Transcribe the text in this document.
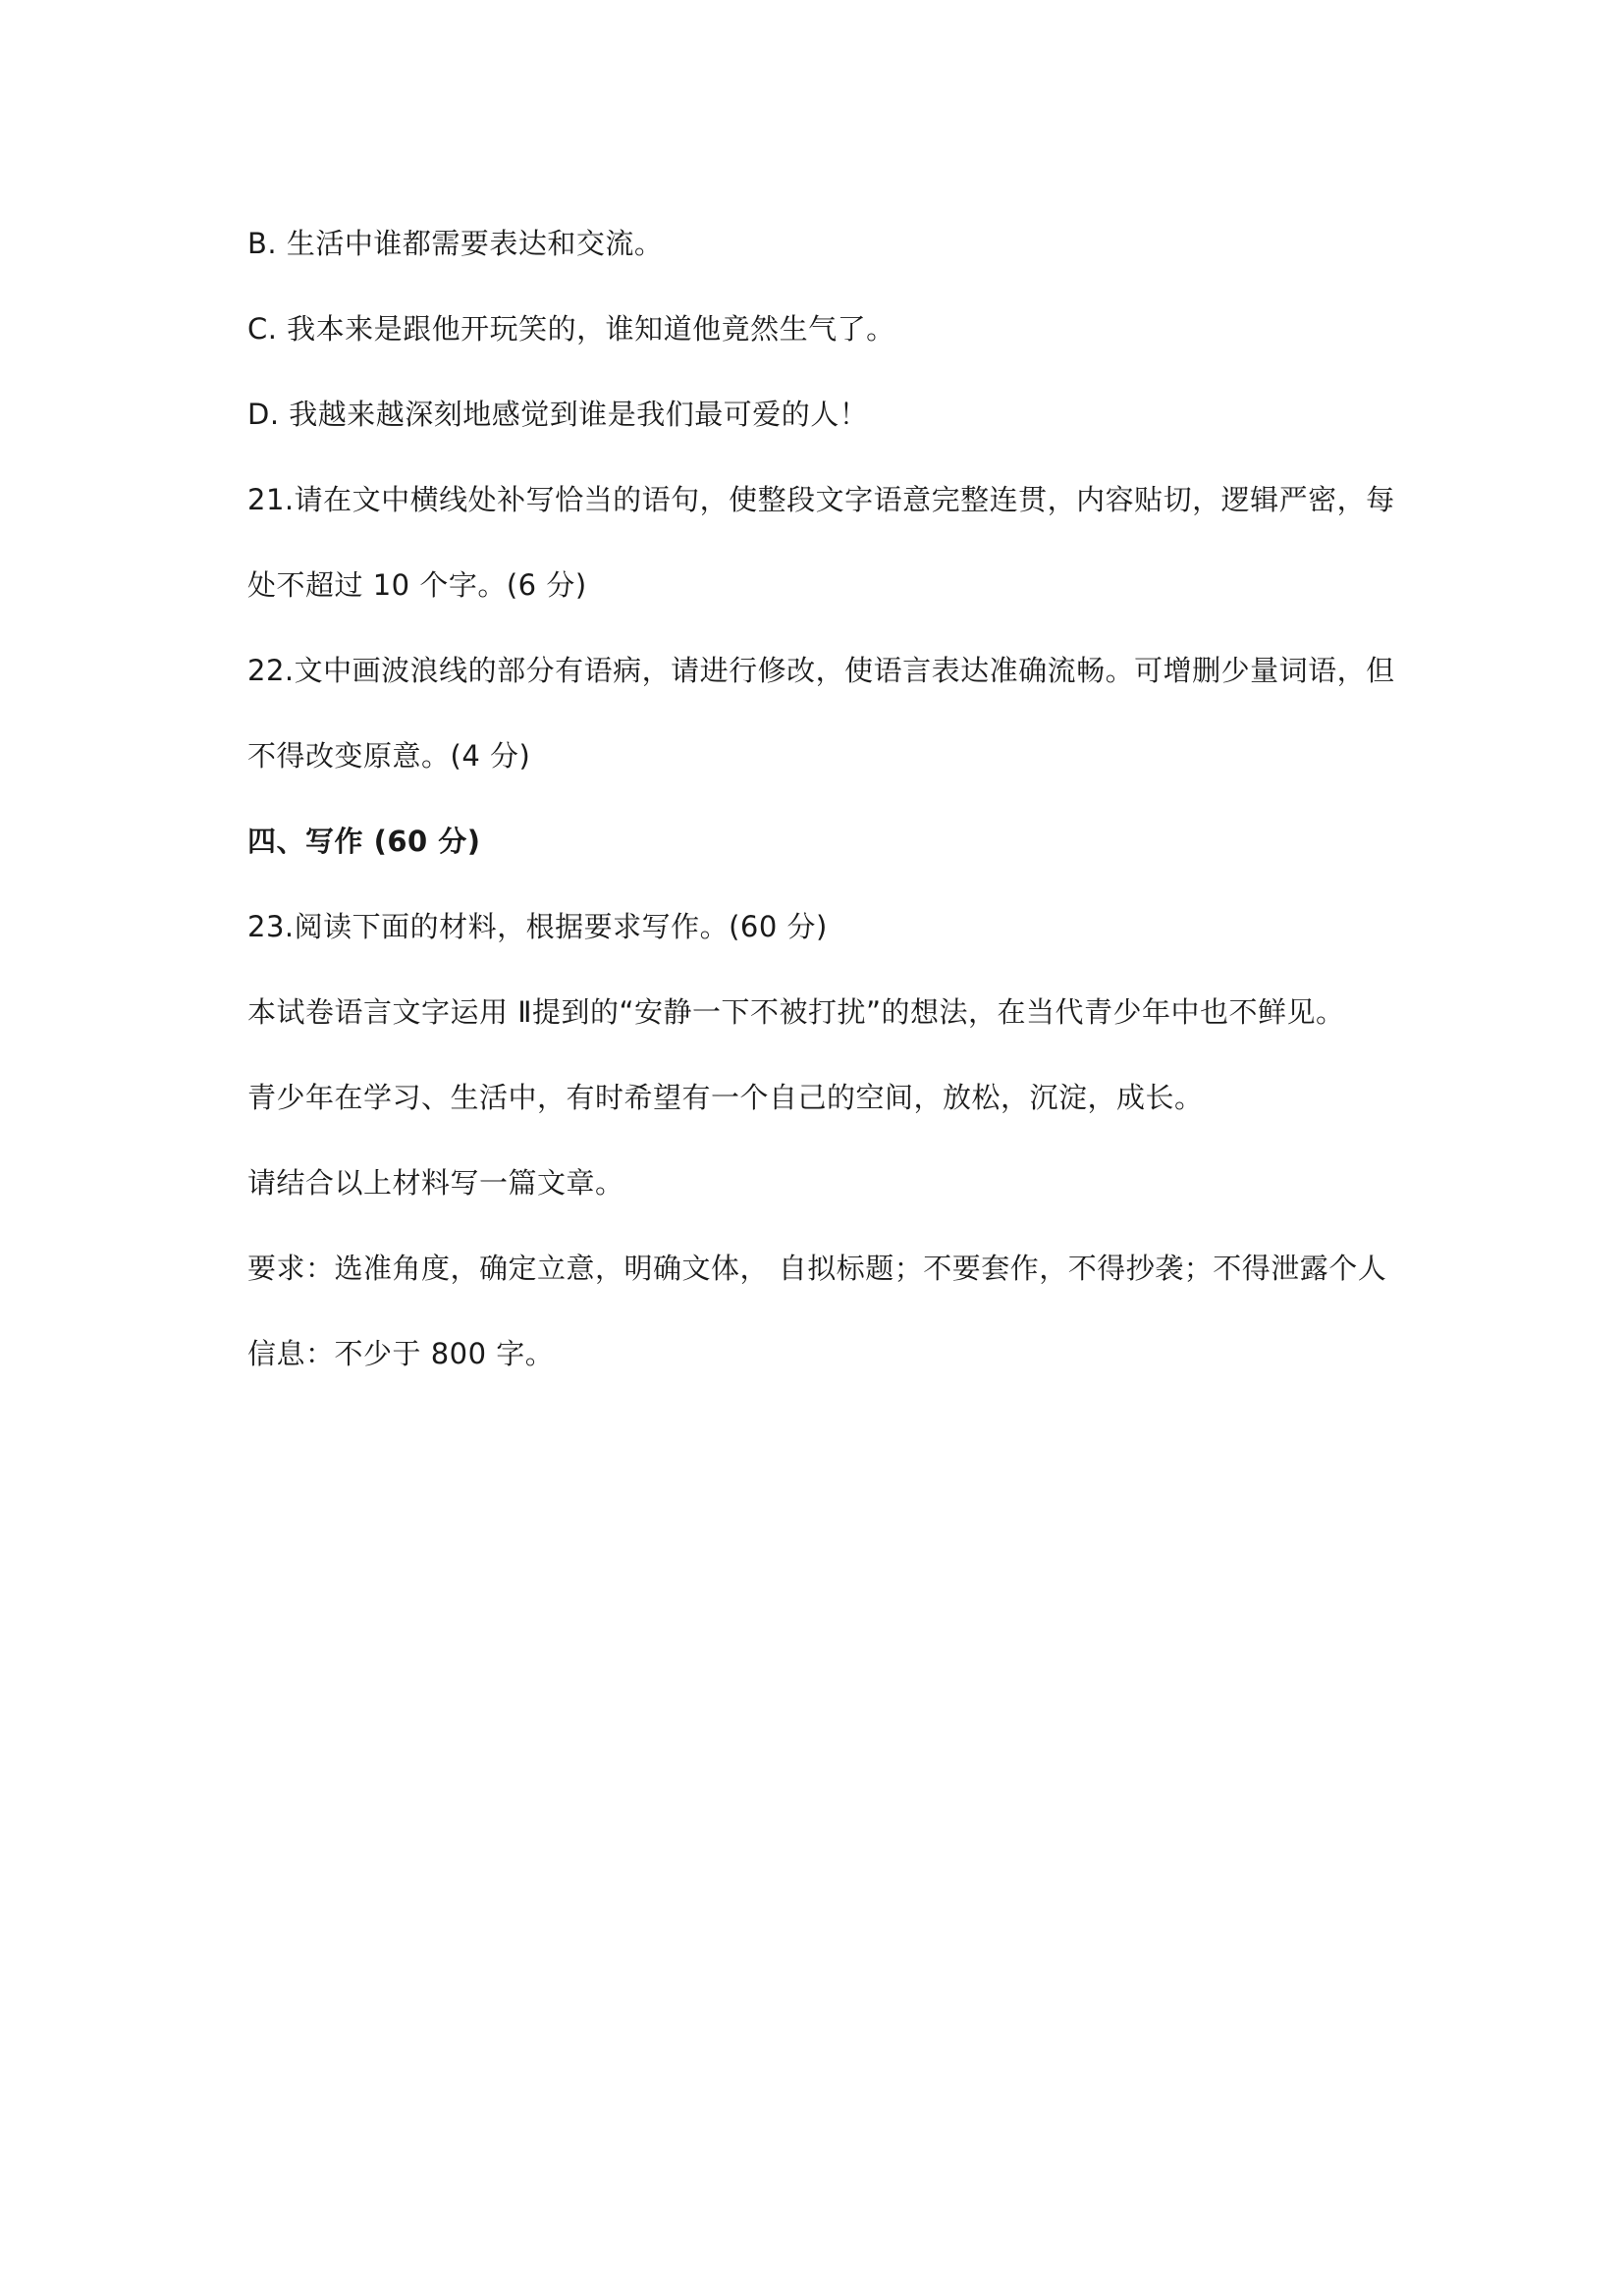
B. 生活中谁都需要表达和交流。
C. 我本来是跟他开玩笑的，谁知道他竟然生气了。
D. 我越来越深刻地感觉到谁是我们最可爱的人！
21.请在文中横线处补写恰当的语句，使整段文字语意完整连贯，内容贴切，逻辑严密，每
处不超过 10 个字。(6 分)
22.文中画波浪线的部分有语病，请进行修改，使语言表达准确流畅。可增删少量词语，但
不得改变原意。(4 分)
四、写作 (60 分)
23.阅读下面的材料，根据要求写作。(60 分)
本试卷语言文字运用 Ⅱ提到的“安静一下不被打扰”的想法，在当代青少年中也不鲜见。
青少年在学习、生活中，有时希望有一个自己的空间，放松，沉淀，成长。
请结合以上材料写一篇文章。
要求：选准角度，确定立意，明确文体， 自拟标题；不要套作，不得抄袭；不得泄露个人
信息：不少于 800 字。
